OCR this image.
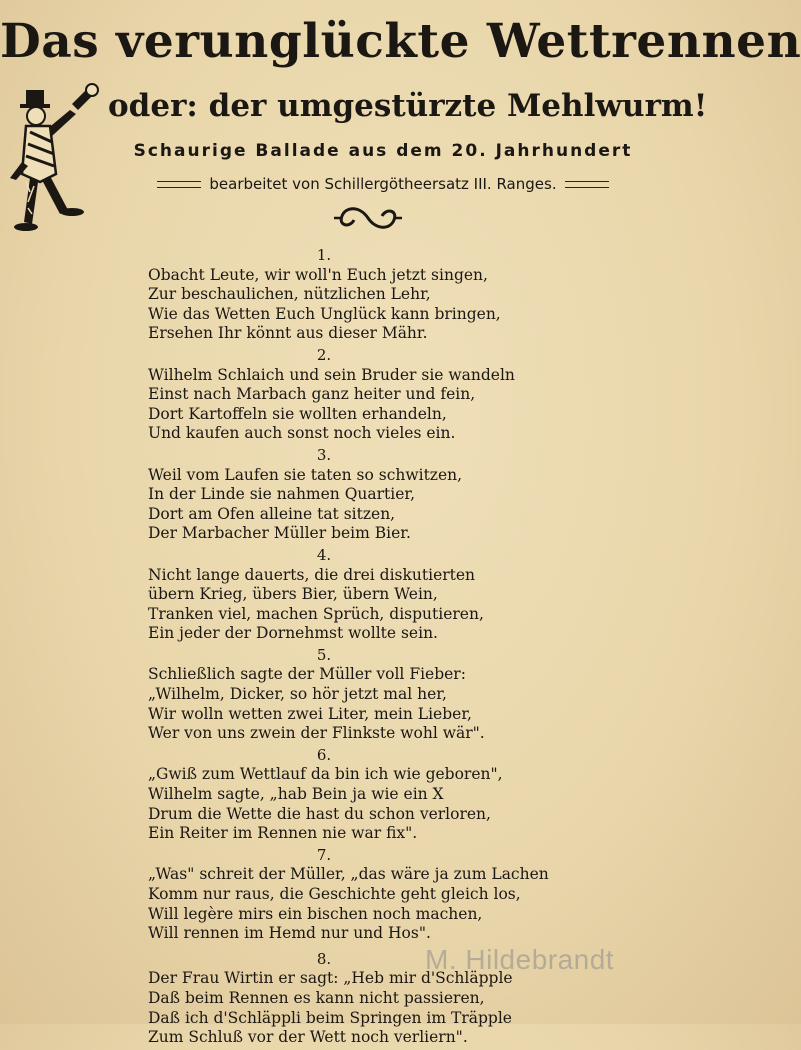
Das verunglückte Wettrennen
oder: der umgestürzte Mehlwurm!
Schaurige Ballade aus dem 20. Jahrhundert
bearbeitet von Schillergötheersatz III. Ranges.
1.
Obacht Leute, wir woll'n Euch jetzt singen,
Zur beschaulichen, nützlichen Lehr,
Wie das Wetten Euch Unglück kann bringen,
Ersehen Ihr könnt aus dieser Mähr.
2.
Wilhelm Schlaich und sein Bruder sie wandeln
Einst nach Marbach ganz heiter und fein,
Dort Kartoffeln sie wollten erhandeln,
Und kaufen auch sonst noch vieles ein.
3.
Weil vom Laufen sie taten so schwitzen,
In der Linde sie nahmen Quartier,
Dort am Ofen alleine tat sitzen,
Der Marbacher Müller beim Bier.
4.
Nicht lange dauerts, die drei diskutierten
übern Krieg, übers Bier, übern Wein,
Tranken viel, machen Sprüch, disputieren,
Ein jeder der Dornehmst wollte sein.
5.
Schließlich sagte der Müller voll Fieber:
„Wilhelm, Dicker, so hör jetzt mal her,
Wir wolln wetten zwei Liter, mein Lieber,
Wer von uns zwein der Flinkste wohl wär".
6.
„Gwiß zum Wettlauf da bin ich wie geboren",
Wilhelm sagte, „hab Bein ja wie ein X
Drum die Wette die hast du schon verloren,
Ein Reiter im Rennen nie war fix".
7.
„Was" schreit der Müller, „das wäre ja zum Lachen
Komm nur raus, die Geschichte geht gleich los,
Will legère mirs ein bischen noch machen,
Will rennen im Hemd nur und Hos".
8.
Der Frau Wirtin er sagt: „Heb mir d'Schläpple
Daß beim Rennen es kann nicht passieren,
Daß ich d'Schläppli beim Springen im Träpple
Zum Schluß vor der Wett noch verliern".
M. Hildebrandt
